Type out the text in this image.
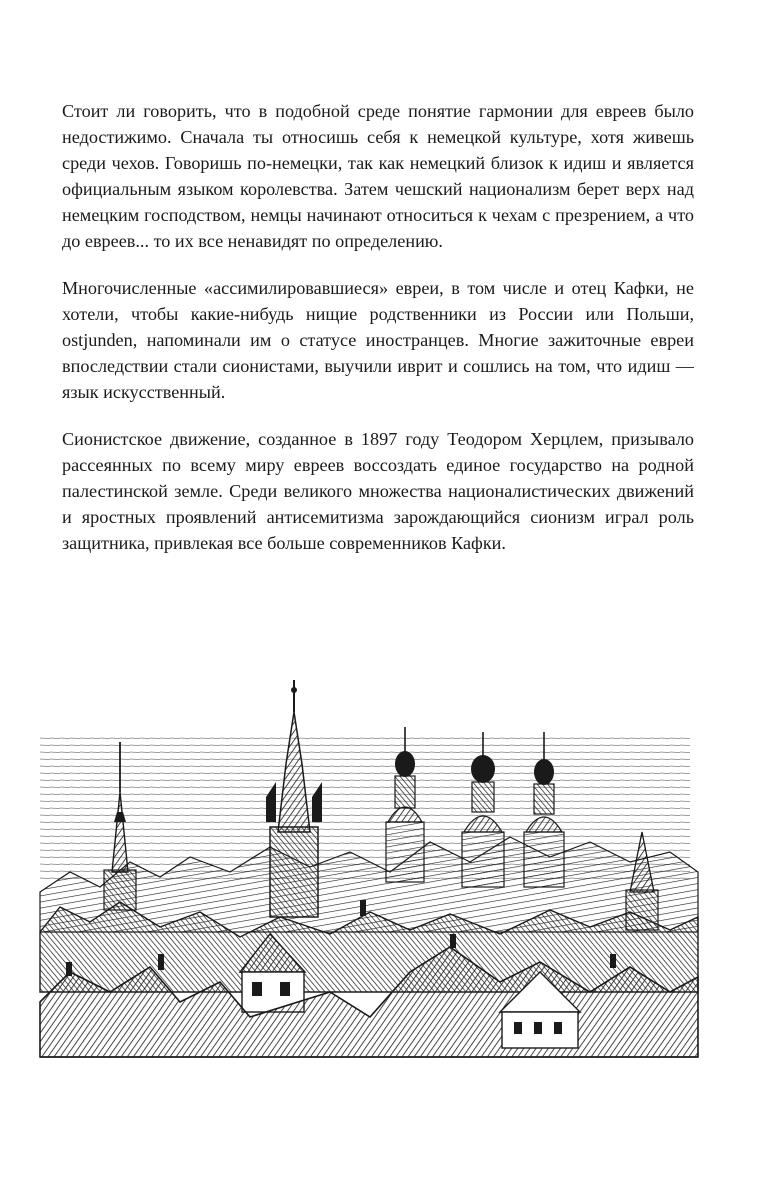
Стоит ли говорить, что в подобной среде понятие гармонии для евреев было недостижимо. Сначала ты относишь себя к немецкой культуре, хотя живешь среди чехов. Говоришь по-немецки, так как немецкий близок к идиш и является официальным языком королевства. Затем чешский национализм берет верх над немецким господством, немцы начинают относиться к чехам с презрением, а что до евреев... то их все ненавидят по определению.

Многочисленные «ассимилировавшиеся» евреи, в том числе и отец Кафки, не хотели, чтобы какие-нибудь нищие родственники из России или Польши, ostjunden, напоминали им о статусе иностранцев. Многие зажиточные евреи впоследствии стали сионистами, выучили иврит и сошлись на том, что идиш — язык искусственный.

Сионистское движение, созданное в 1897 году Теодором Херцлем, призывало рассеянных по всему миру евреев воссоздать единое государство на родной палестинской земле. Среди великого множества националистических движений и яростных проявлений антисемитизма зарождающийся сионизм играл роль защитника, привлекая все больше современников Кафки.
